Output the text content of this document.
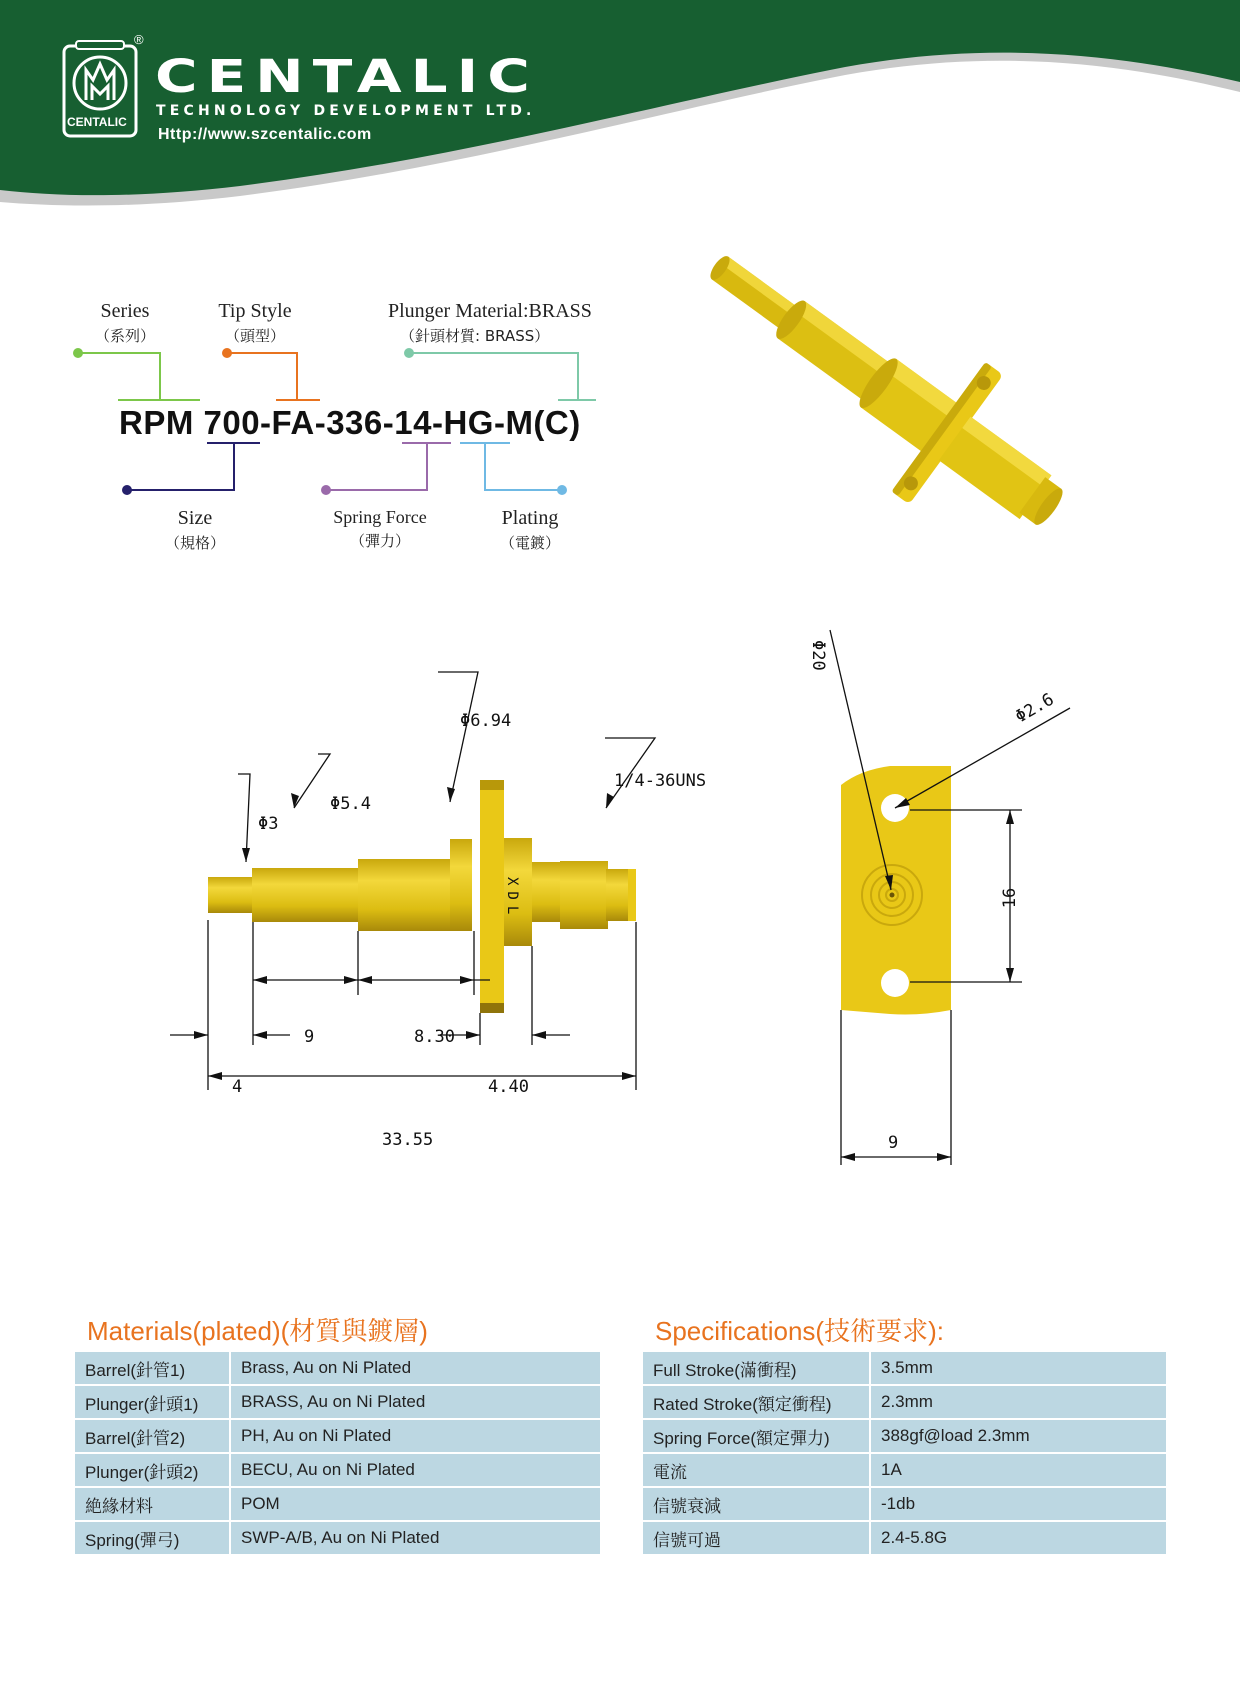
®
CENTALIC
CENTALIC
TECHNOLOGY DEVELOPMENT LTD.
Http://www.szcentalic.com
Series
（系列）
Tip Style
（頭型）
Plunger Material:BRASS
（針頭材質: BRASS）
RPM 700-FA-336-14-HG-M(C)
Size
（規格）
Spring Force
（彈力）
Plating
（電鍍）
XDL
Φ3
Φ5.4
Φ6.94
1/4-36UNS
9	8.30
4	4.40
33.55
Φ20
Φ2.6
16
9
Materials(plated)(材質與鍍層)
Barrel(針管1)	Brass, Au on Ni Plated
Plunger(針頭1)	BRASS, Au on Ni Plated
Barrel(針管2)	PH, Au on Ni Plated
Plunger(針頭2)	BECU, Au on Ni Plated
絶緣材料	POM
Spring(彈弓)	SWP-A/B, Au on Ni Plated
Specifications(技術要求):
Full Stroke(滿衝程)	3.5mm
Rated Stroke(額定衝程)	2.3mm
Spring Force(額定彈力)	388gf@load 2.3mm
電流	1A
信號衰減	-1db
信號可過	2.4-5.8G
